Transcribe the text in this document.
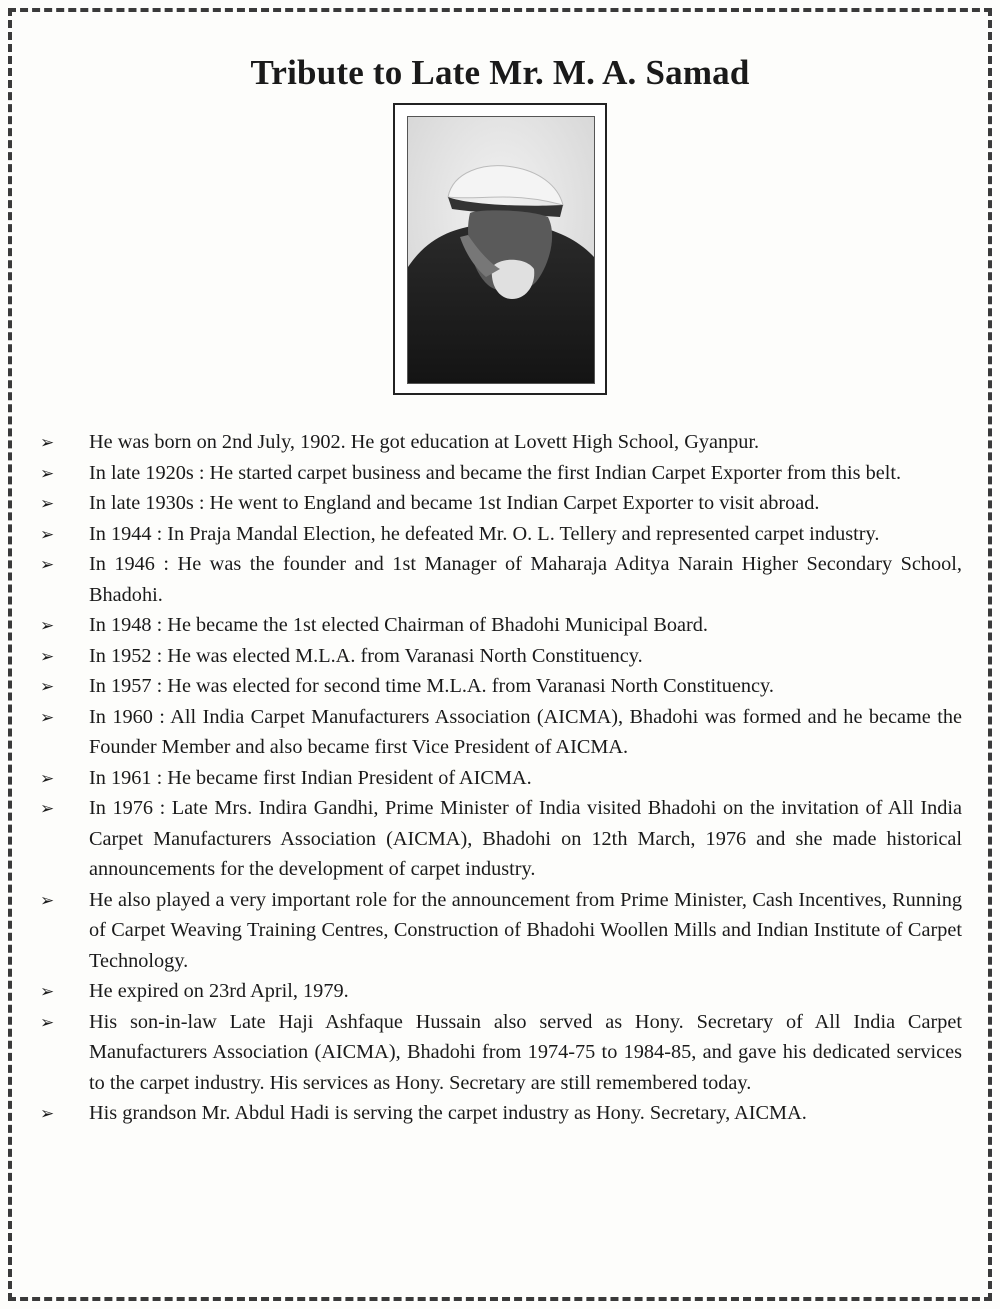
Tribute to Late Mr. M. A. Samad
➢ He was born on 2nd July, 1902. He got education at Lovett High School, Gyanpur.
➢ In late 1920s : He started carpet business and became the first Indian Carpet Exporter from this belt.
➢ In late 1930s : He went to England and became 1st Indian Carpet Exporter to visit abroad.
➢ In 1944 : In Praja Mandal Election, he defeated Mr. O. L. Tellery and represented carpet industry.
➢ In 1946 : He was the founder and 1st Manager of Maharaja Aditya Narain Higher Secondary School, Bhadohi.
➢ In 1948 : He became the 1st elected Chairman of Bhadohi Municipal Board.
➢ In 1952 : He was elected M.L.A. from Varanasi North Constituency.
➢ In 1957 : He was elected for second time M.L.A. from Varanasi North Constituency.
➢ In 1960 : All India Carpet Manufacturers Association (AICMA), Bhadohi was formed and he became the Founder Member and also became first Vice President of AICMA.
➢ In 1961 : He became first Indian President of AICMA.
➢ In 1976 : Late Mrs. Indira Gandhi, Prime Minister of India visited Bhadohi on the invitation of All India Carpet Manufacturers Association (AICMA), Bhadohi on 12th March, 1976 and she made historical announcements for the development of carpet industry.
➢ He also played a very important role for the announcement from Prime Minister, Cash Incentives, Running of Carpet Weaving Training Centres, Construction of Bhadohi Woollen Mills and Indian Institute of Carpet Technology.
➢ He expired on 23rd April, 1979.
➢ His son-in-law Late Haji Ashfaque Hussain also served as Hony. Secretary of All India Carpet Manufacturers Association (AICMA), Bhadohi from 1974-75 to 1984-85, and gave his dedicated services to the carpet industry. His services as Hony. Secretary are still remembered today.
➢ His grandson Mr. Abdul Hadi is serving the carpet industry as Hony. Secretary, AICMA.
